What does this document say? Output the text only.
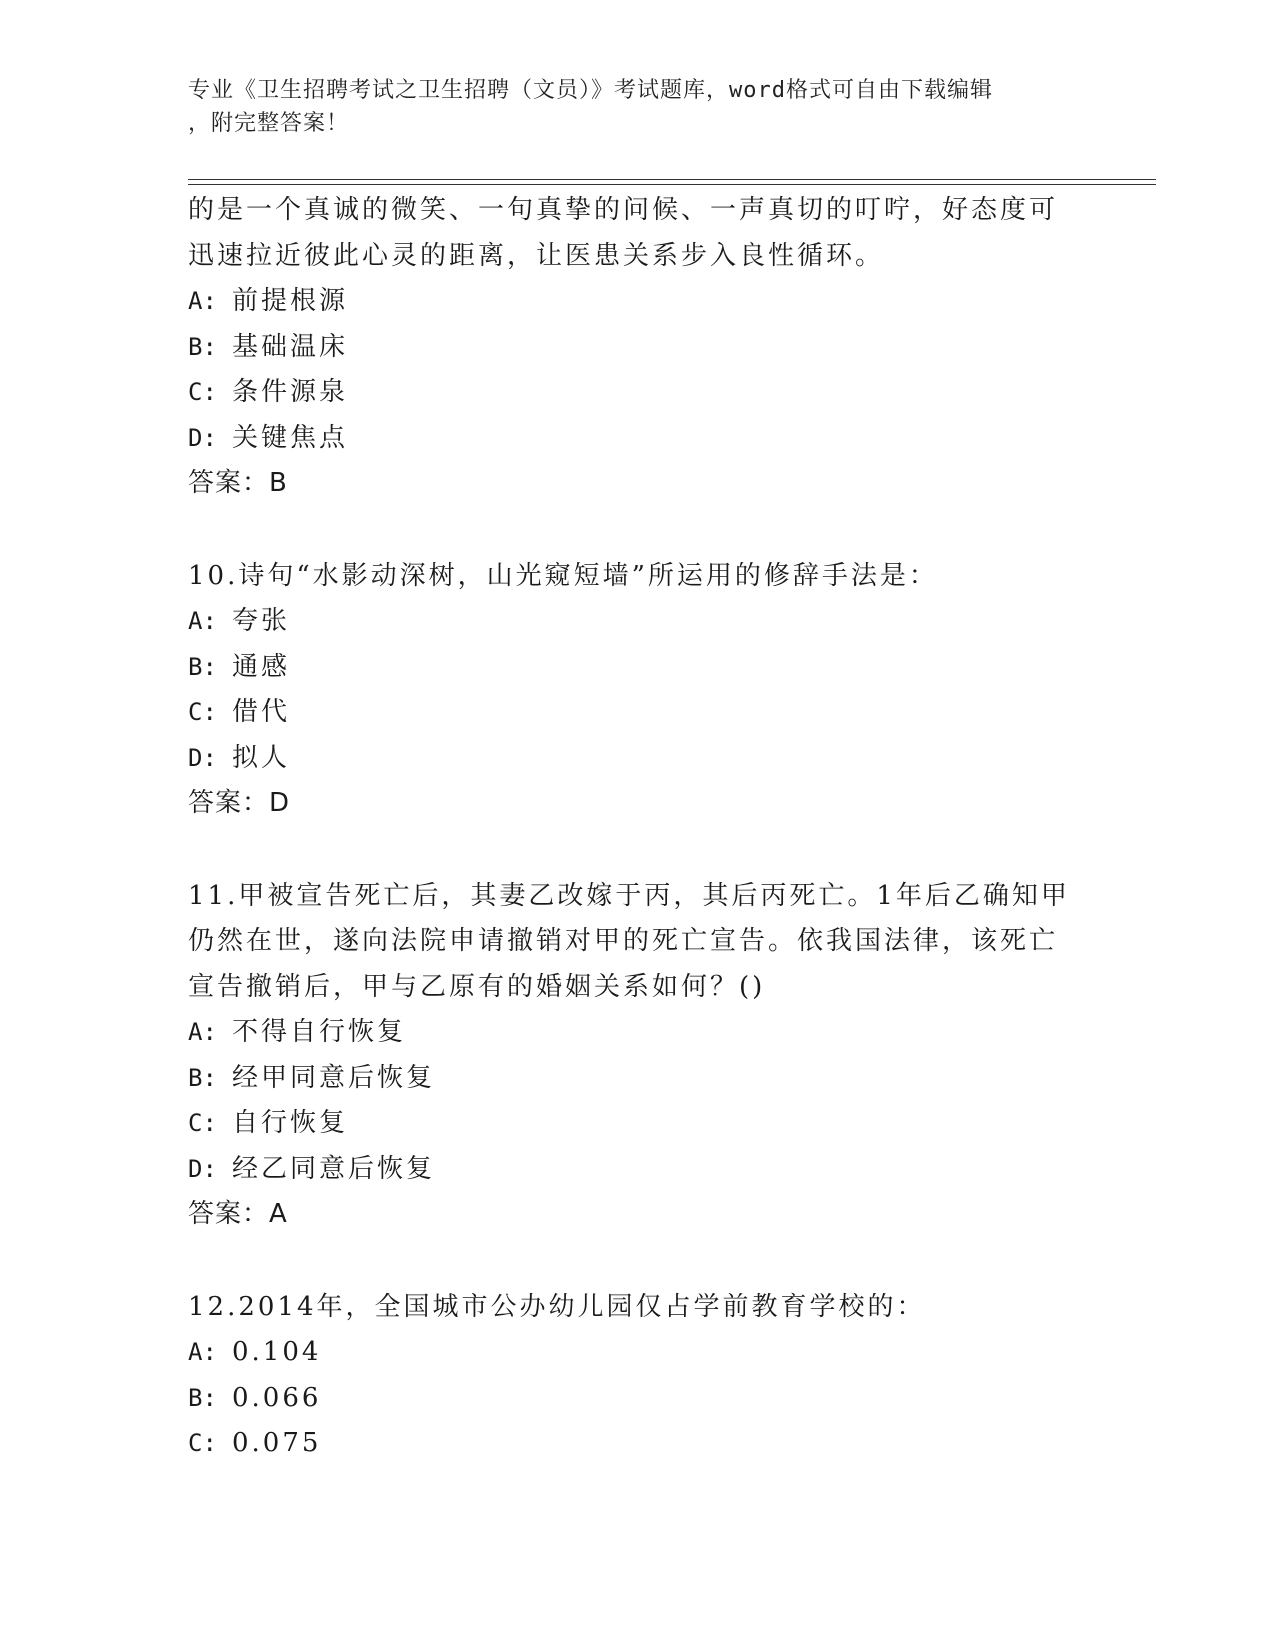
专业《卫生招聘考试之卫生招聘（文员）》考试题库，word格式可自由下载编辑
，附完整答案！
的是一个真诚的微笑、一句真挚的问候、一声真切的叮咛，好态度可
迅速拉近彼此心灵的距离，让医患关系步入良性循环。
A: 前提根源
B: 基础温床
C: 条件源泉
D: 关键焦点
答案：B
10.诗句“水影动深树，山光窥短墙”所运用的修辞手法是：
A: 夸张
B: 通感
C: 借代
D: 拟人
答案：D
11.甲被宣告死亡后，其妻乙改嫁于丙，其后丙死亡。1年后乙确知甲
仍然在世，遂向法院申请撤销对甲的死亡宣告。依我国法律，该死亡
宣告撤销后，甲与乙原有的婚姻关系如何？()
A: 不得自行恢复
B: 经甲同意后恢复
C: 自行恢复
D: 经乙同意后恢复
答案：A
12.2014年，全国城市公办幼儿园仅占学前教育学校的：
A: 0.104
B: 0.066
C: 0.075
